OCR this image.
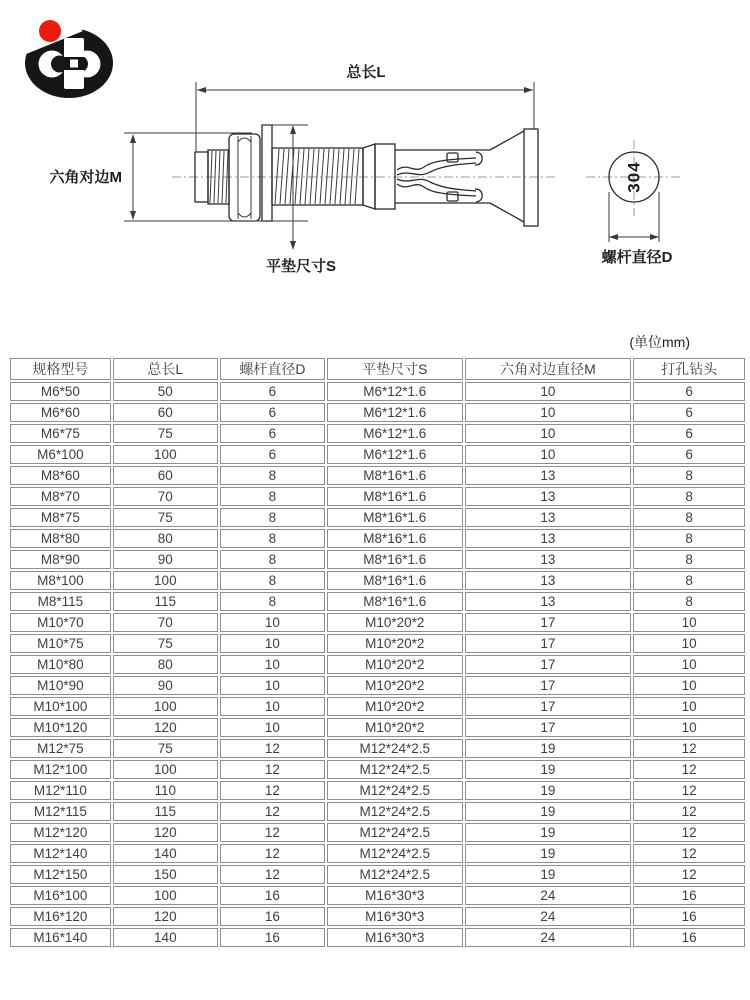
总长L
六角对边M
平垫尺寸S
304
螺杆直径D
(单位mm)
规格型号	总长L	螺杆直径D	平垫尺寸S	六角对边直径M	打孔钻头
M6*50	50	6	M6*12*1.6	10	6
M6*60	60	6	M6*12*1.6	10	6
M6*75	75	6	M6*12*1.6	10	6
M6*100	100	6	M6*12*1.6	10	6
M8*60	60	8	M8*16*1.6	13	8
M8*70	70	8	M8*16*1.6	13	8
M8*75	75	8	M8*16*1.6	13	8
M8*80	80	8	M8*16*1.6	13	8
M8*90	90	8	M8*16*1.6	13	8
M8*100	100	8	M8*16*1.6	13	8
M8*115	115	8	M8*16*1.6	13	8
M10*70	70	10	M10*20*2	17	10
M10*75	75	10	M10*20*2	17	10
M10*80	80	10	M10*20*2	17	10
M10*90	90	10	M10*20*2	17	10
M10*100	100	10	M10*20*2	17	10
M10*120	120	10	M10*20*2	17	10
M12*75	75	12	M12*24*2.5	19	12
M12*100	100	12	M12*24*2.5	19	12
M12*110	110	12	M12*24*2.5	19	12
M12*115	115	12	M12*24*2.5	19	12
M12*120	120	12	M12*24*2.5	19	12
M12*140	140	12	M12*24*2.5	19	12
M12*150	150	12	M12*24*2.5	19	12
M16*100	100	16	M16*30*3	24	16
M16*120	120	16	M16*30*3	24	16
M16*140	140	16	M16*30*3	24	16
